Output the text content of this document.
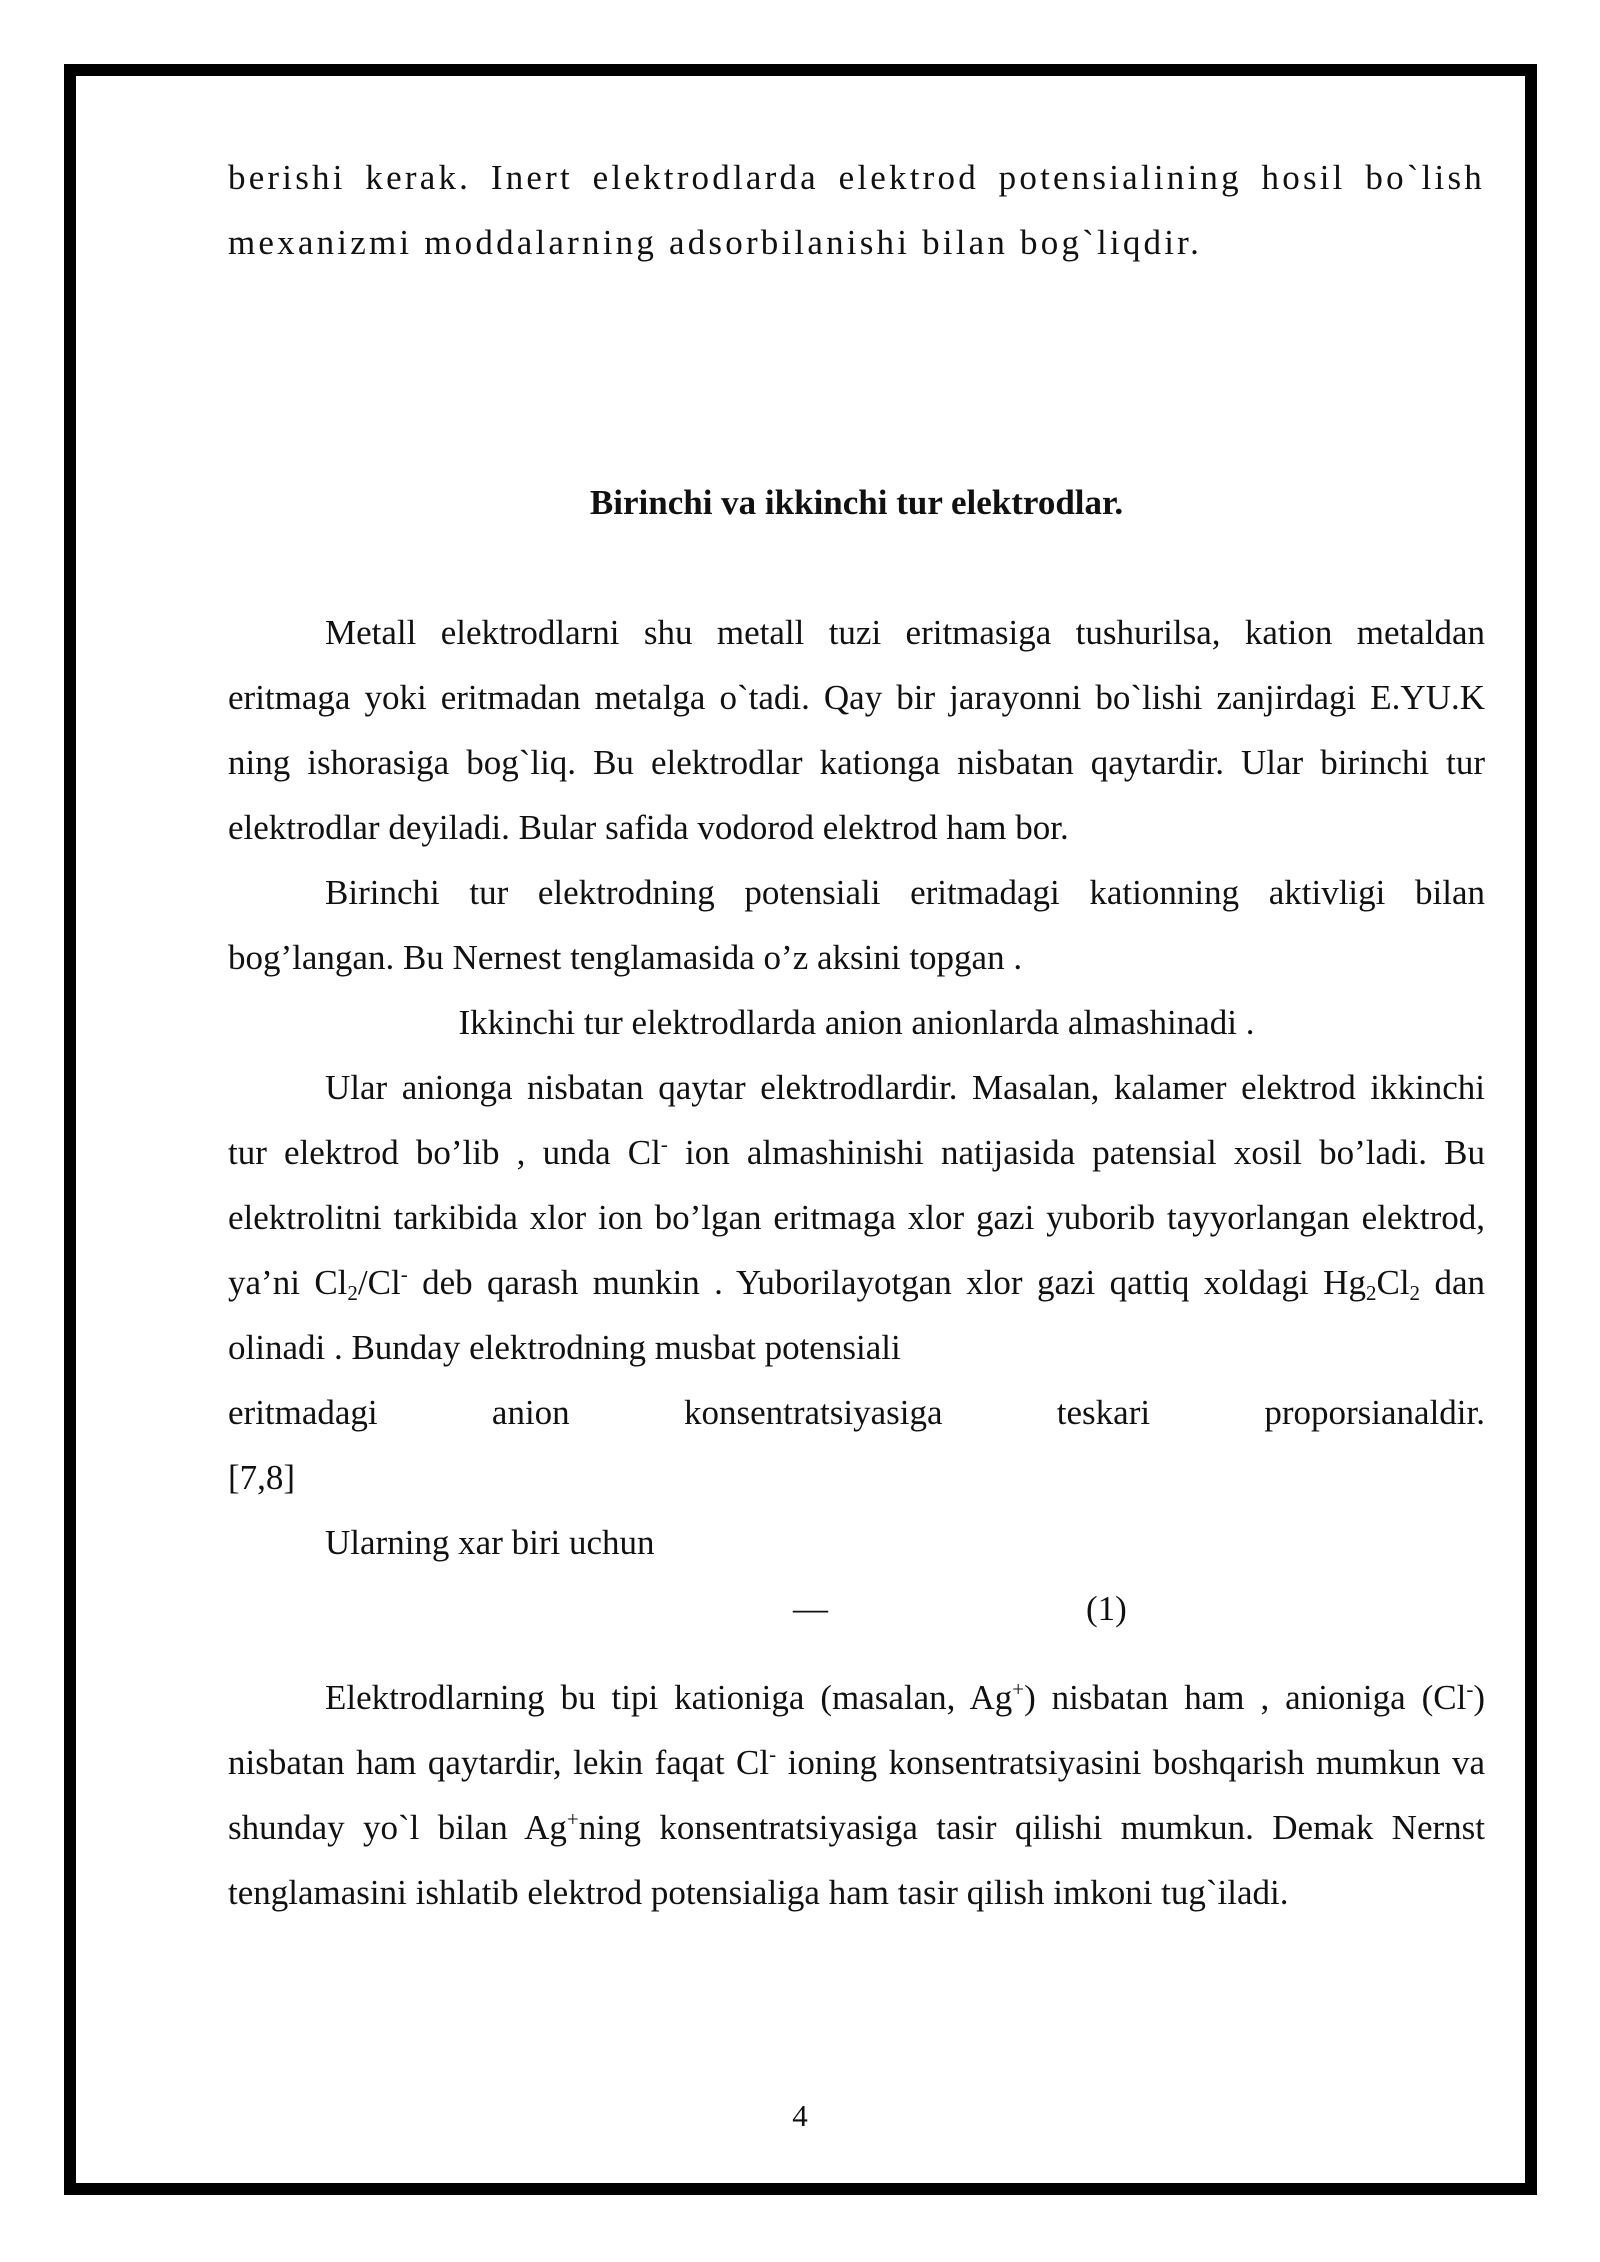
berishi kerak. Inert elektrodlarda elektrod potensialining hosil bo`lish

mexanizmi moddalarning adsorbilanishi bilan bog`liqdir.

Birinchi va ikkinchi tur elektrodlar.

Metall elektrodlarni shu metall tuzi eritmasiga tushurilsa, kation metaldan eritmaga yoki eritmadan metalga o`tadi. Qay bir jarayonni bo`lishi zanjirdagi E.YU.K ning ishorasiga bog`liq. Bu elektrodlar kationga nisbatan qaytardir. Ular birinchi tur elektrodlar deyiladi. Bular safida vodorod elektrod ham bor.

Birinchi tur elektrodning potensiali eritmadagi kationning aktivligi bilan bog’langan. Bu Nernest tenglamasida o’z aksini topgan .

Ikkinchi tur elektrodlarda anion anionlarda almashinadi .

Ular anionga nisbatan qaytar elektrodlardir. Masalan, kalamer elektrod ikkinchi tur elektrod bo’lib , unda Cl- ion almashinishi natijasida patensial xosil bo’ladi. Bu elektrolitni tarkibida xlor ion bo’lgan eritmaga xlor gazi yuborib tayyorlangan elektrod, ya’ni $Cl_2/Cl^-$ deb qarash munkin . Yuborilayotgan xlor gazi qattiq xoldagi $Hg_2Cl_2$ dan olinadi . Bunday elektrodning musbat potensiali

eritmadagi anion konsentratsiyasiga teskari proporsianaldir.

[7,8]

Ularning xar biri uchun

—	(1)

Elektrodlarning bu tipi kationiga (masalan, Ag+) nisbatan ham , anioniga (Cl-) nisbatan ham qaytardir, lekin faqat Cl- ioning konsentratsiyasini boshqarish mumkun va shunday yo`l bilan Ag+ning konsentratsiyasiga tasir qilishi mumkun. Demak Nernst tenglamasini ishlatib elektrod potensialiga ham tasir qilish imkoni tug`iladi.

4
